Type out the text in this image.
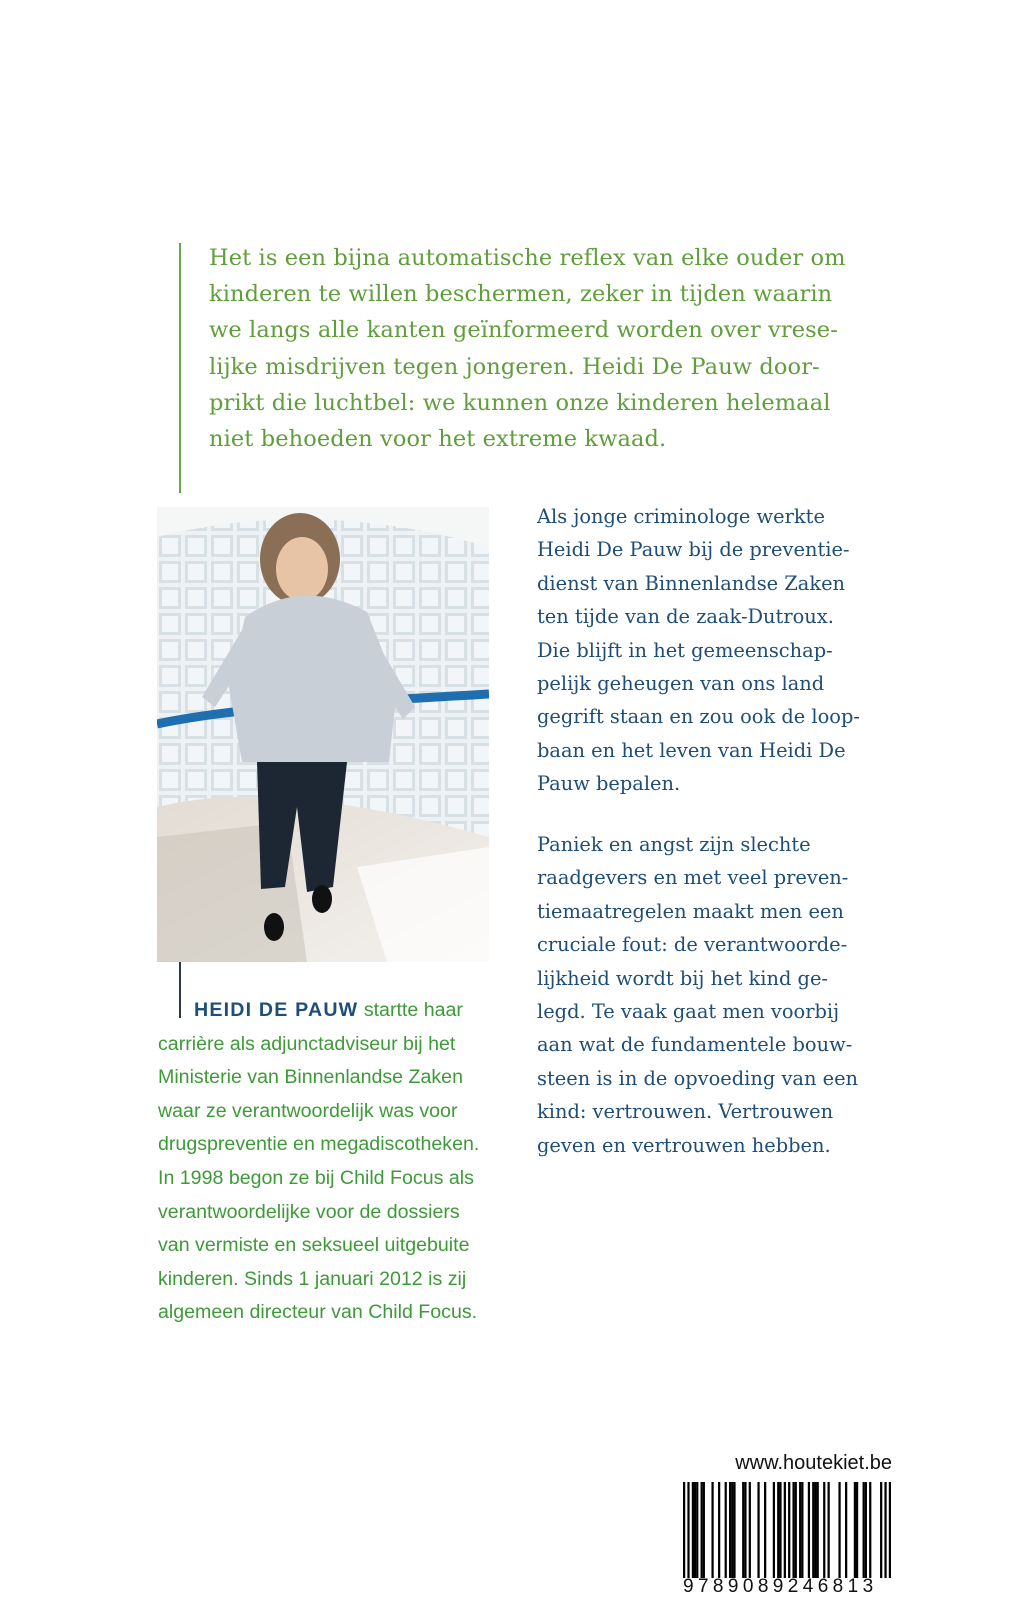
Het is een bijna automatische reflex van elke ouder om
kinderen te willen beschermen, zeker in tijden waarin
we langs alle kanten geïnformeerd worden over vrese-
lijke misdrijven tegen jongeren. Heidi De Pauw door-
prikt die luchtbel: we kunnen onze kinderen helemaal
niet behoeden voor het extreme kwaad.
HEIDI DE PAUW startte haar
carrière als adjunctadviseur bij het
Ministerie van Binnenlandse Zaken
waar ze verantwoordelijk was voor
drugspreventie en megadiscotheken.
In 1998 begon ze bij Child Focus als
verantwoordelijke voor de dossiers
van vermiste en seksueel uitgebuite
kinderen. Sinds 1 januari 2012 is zij
algemeen directeur van Child Focus.
Als jonge criminologe werkte
Heidi De Pauw bij de preventie-
dienst van Binnenlandse Zaken
ten tijde van de zaak-Dutroux.
Die blijft in het gemeenschap-
pelijk geheugen van ons land
gegrift staan en zou ook de loop-
baan en het leven van Heidi De
Pauw bepalen.
Paniek en angst zijn slechte
raadgevers en met veel preven-
tiemaatregelen maakt men een
cruciale fout: de verantwoorde-
lijkheid wordt bij het kind ge-
legd. Te vaak gaat men voorbij
aan wat de fundamentele bouw-
steen is in de opvoeding van een
kind: vertrouwen. Vertrouwen
geven en vertrouwen hebben.
www.houtekiet.be
9789089246813
